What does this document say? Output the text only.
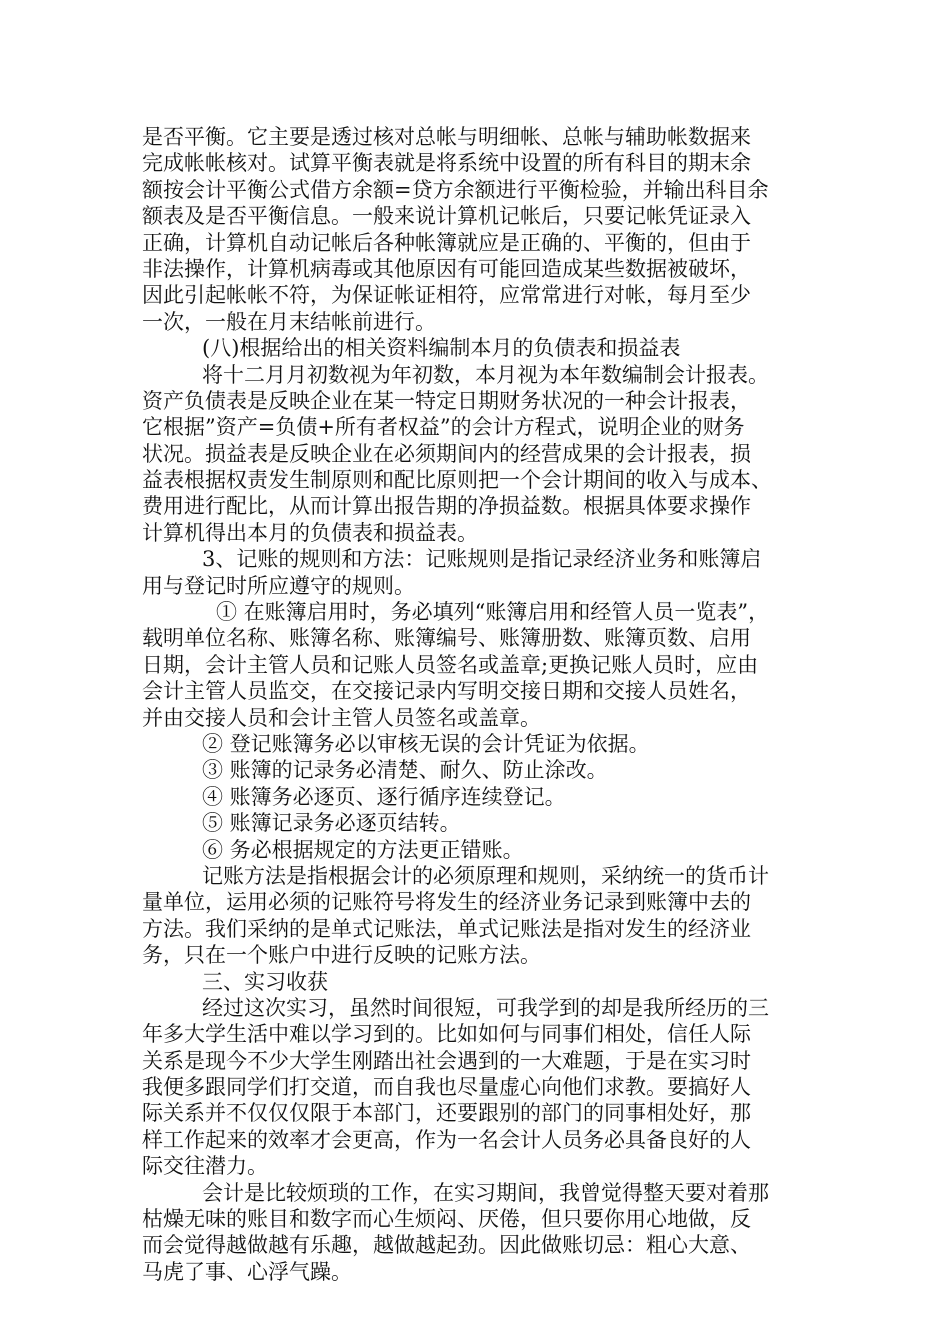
是否平衡。它主要是透过核对总帐与明细帐、总帐与辅助帐数据来
完成帐帐核对。试算平衡表就是将系统中设置的所有科目的期末余
额按会计平衡公式借方余额=贷方余额进行平衡检验，并输出科目余
额表及是否平衡信息。一般来说计算机记帐后，只要记帐凭证录入
正确，计算机自动记帐后各种帐簿就应是正确的、平衡的，但由于
非法操作，计算机病毒或其他原因有可能回造成某些数据被破坏，
因此引起帐帐不符，为保证帐证相符，应常常进行对帐，每月至少
一次，一般在月末结帐前进行。
(八)根据给出的相关资料编制本月的负债表和损益表
将十二月月初数视为年初数，本月视为本年数编制会计报表。
资产负债表是反映企业在某一特定日期财务状况的一种会计报表，
它根据”资产=负债+所有者权益”的会计方程式，说明企业的财务
状况。损益表是反映企业在必须期间内的经营成果的会计报表，损
益表根据权责发生制原则和配比原则把一个会计期间的收入与成本、
费用进行配比，从而计算出报告期的净损益数。根据具体要求操作
计算机得出本月的负债表和损益表。
3、记账的规则和方法：记账规则是指记录经济业务和账簿启
用与登记时所应遵守的规则。
① 在账簿启用时，务必填列“账簿启用和经管人员一览表”，
载明单位名称、账簿名称、账簿编号、账簿册数、账簿页数、启用
日期，会计主管人员和记账人员签名或盖章;更换记账人员时，应由
会计主管人员监交，在交接记录内写明交接日期和交接人员姓名，
并由交接人员和会计主管人员签名或盖章。
② 登记账簿务必以审核无误的会计凭证为依据。
③ 账簿的记录务必清楚、耐久、防止涂改。
④ 账簿务必逐页、逐行循序连续登记。
⑤ 账簿记录务必逐页结转。
⑥ 务必根据规定的方法更正错账。
记账方法是指根据会计的必须原理和规则，采纳统一的货币计
量单位，运用必须的记账符号将发生的经济业务记录到账簿中去的
方法。我们采纳的是单式记账法，单式记账法是指对发生的经济业
务，只在一个账户中进行反映的记账方法。
三、实习收获
经过这次实习，虽然时间很短，可我学到的却是我所经历的三
年多大学生活中难以学习到的。比如如何与同事们相处，信任人际
关系是现今不少大学生刚踏出社会遇到的一大难题，于是在实习时
我便多跟同学们打交道，而自我也尽量虚心向他们求教。要搞好人
际关系并不仅仅仅限于本部门，还要跟别的部门的同事相处好，那
样工作起来的效率才会更高，作为一名会计人员务必具备良好的人
际交往潜力。
会计是比较烦琐的工作，在实习期间，我曾觉得整天要对着那
枯燥无味的账目和数字而心生烦闷、厌倦，但只要你用心地做，反
而会觉得越做越有乐趣，越做越起劲。因此做账切忌：粗心大意、
马虎了事、心浮气躁。
